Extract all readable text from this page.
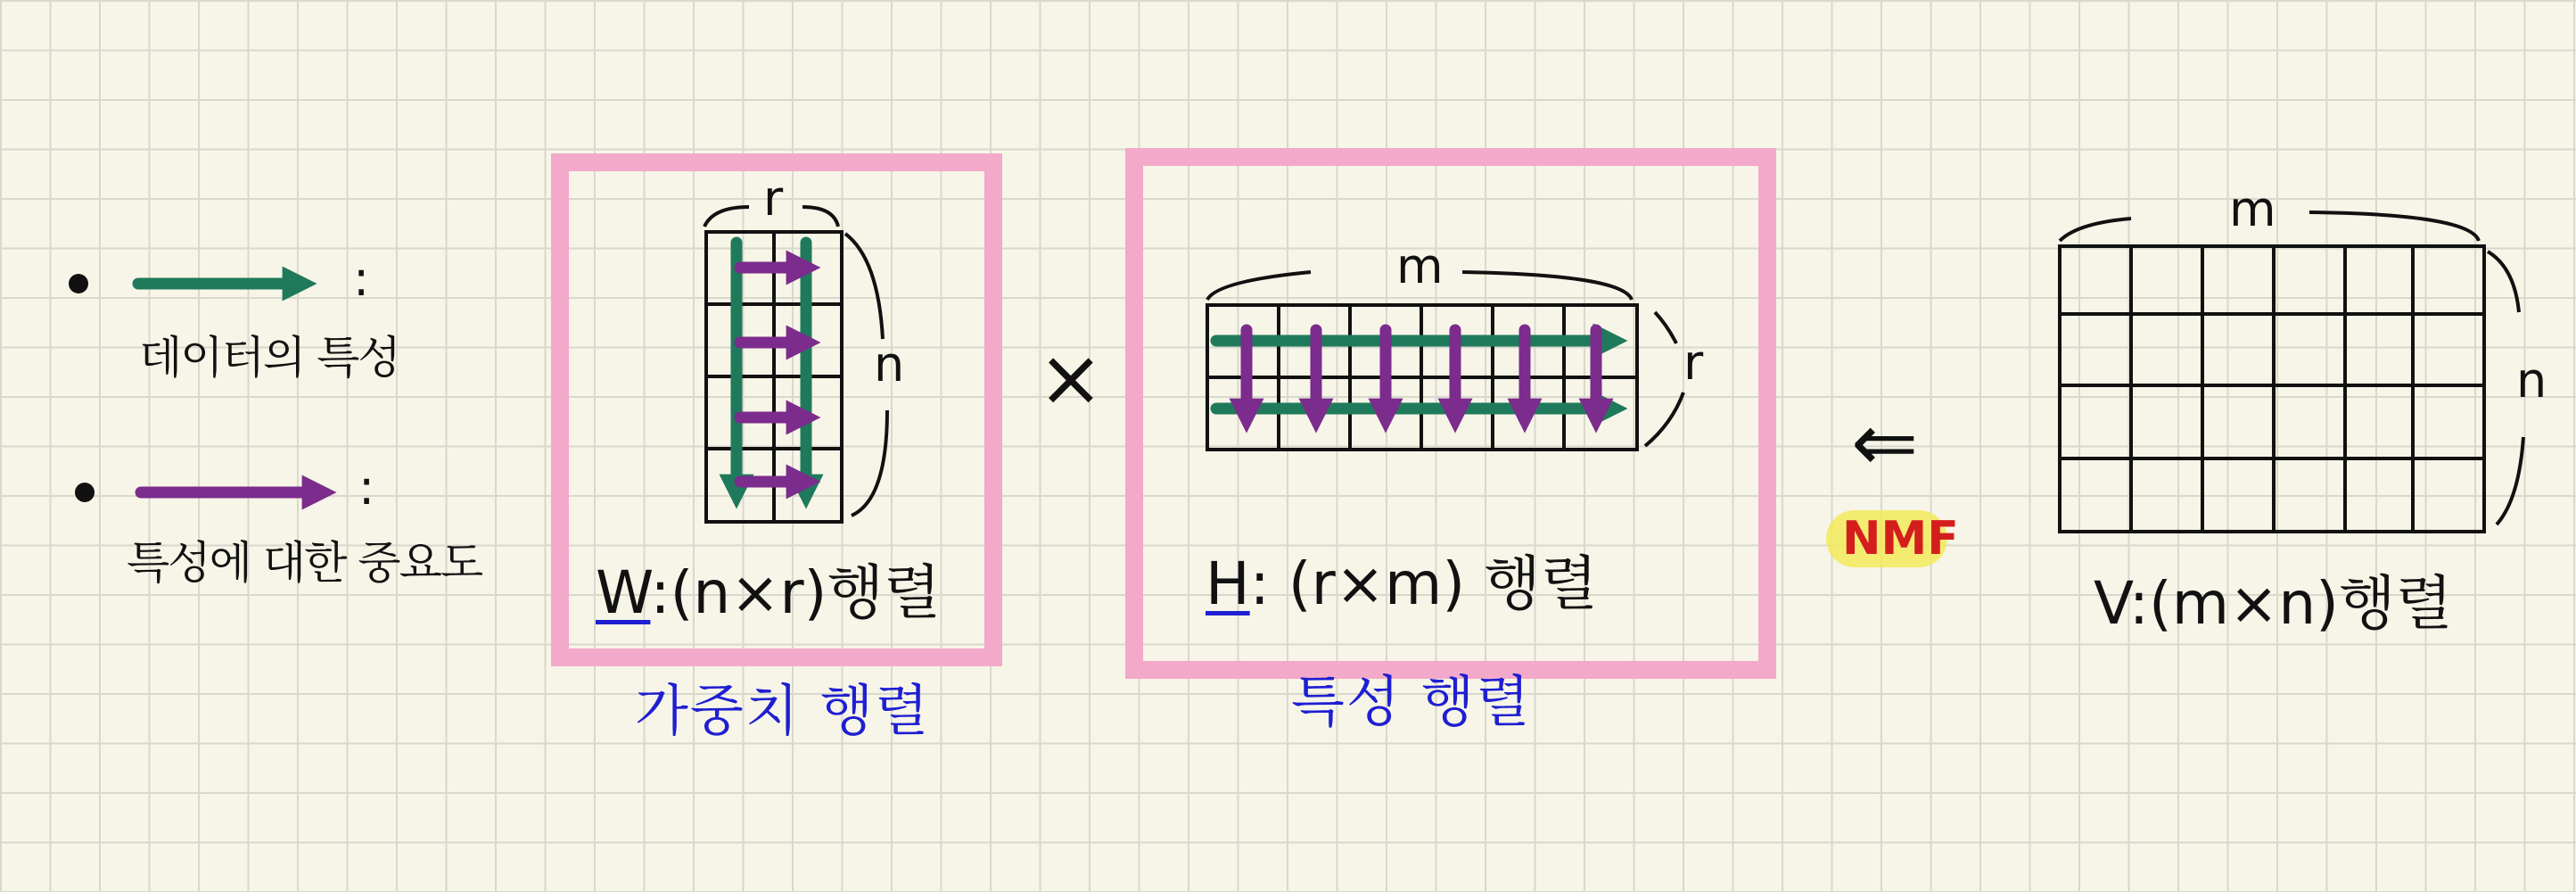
:
데이터의 특성
:
특성에 대한 중요도
r
n
W:(n×r)행렬
가중치 행렬
×
m
r
H: (r×m) 행렬
특성 행렬
⇐
NMF
m
n
V:(m×n)행렬
